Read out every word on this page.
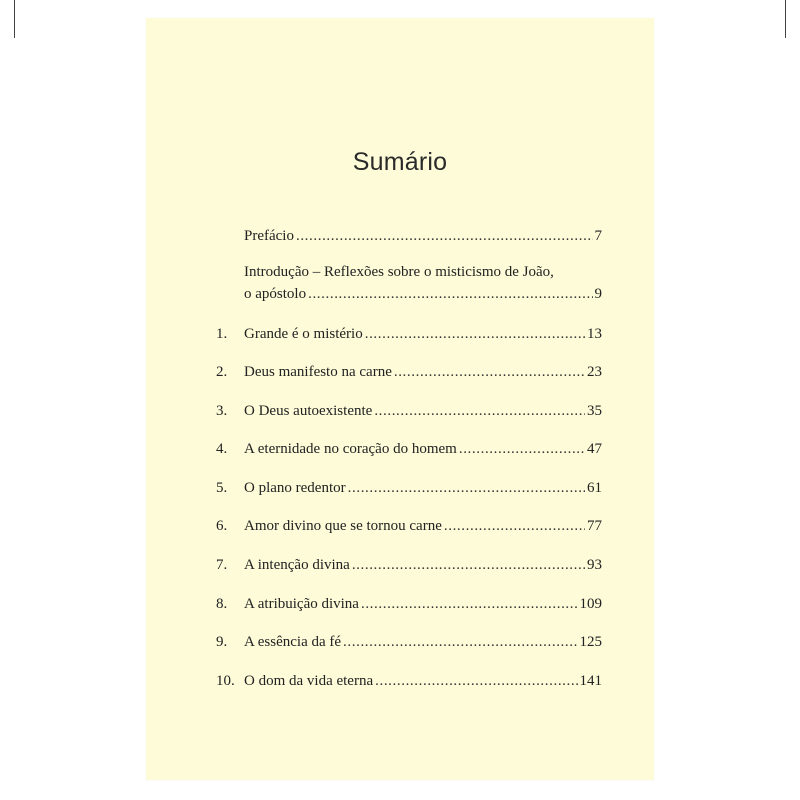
Sumário
Prefácio .....	7
Introdução – Reflexões sobre o misticismo de João,
o apóstolo .....	9
1.	Grande é o mistério .....	13
2.	Deus manifesto na carne .....	23
3.	O Deus autoexistente .....	35
4.	A eternidade no coração do homem .....	47
5.	O plano redentor .....	61
6.	Amor divino que se tornou carne .....	77
7.	A intenção divina .....	93
8.	A atribuição divina .....	109
9.	A essência da fé .....	125
10. O dom da vida eterna .....	141
